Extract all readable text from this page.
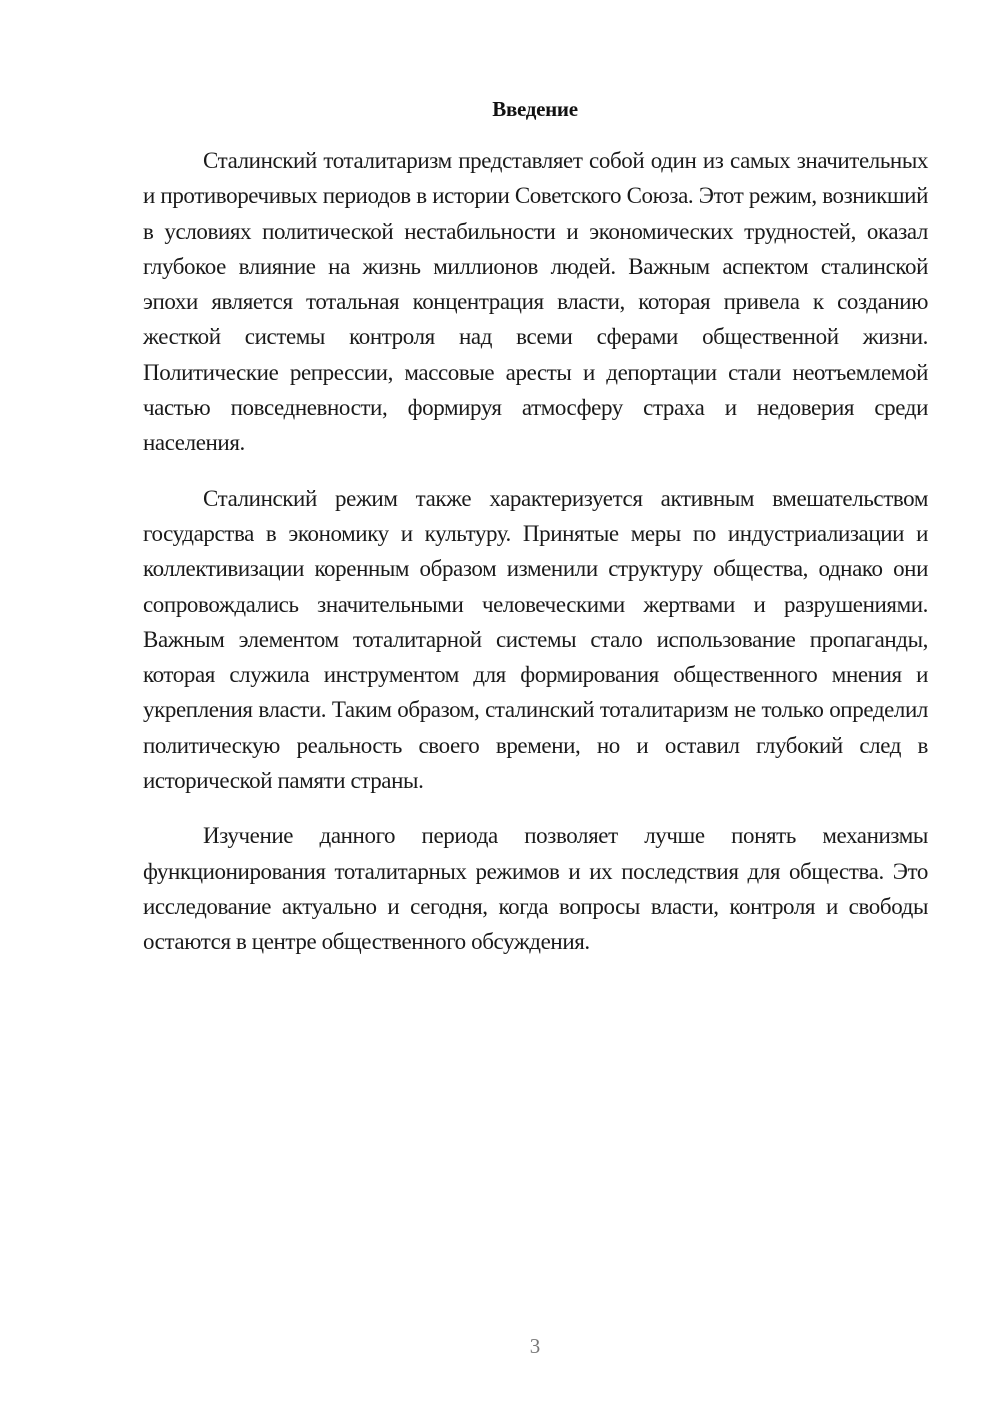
Введение

Сталинский тоталитаризм представляет собой один из самых значительных и противоречивых периодов в истории Советского Союза. Этот режим, возникший в условиях политической нестабильности и экономических трудностей, оказал глубокое влияние на жизнь миллионов людей. Важным аспектом сталинской эпохи является тотальная концентрация власти, которая привела к созданию жесткой системы контроля над всеми сферами общественной жизни. Политические репрессии, массовые аресты и депортации стали неотъемлемой частью повседневности, формируя атмосферу страха и недоверия среди населения.

Сталинский режим также характеризуется активным вмешательством государства в экономику и культуру. Принятые меры по индустриализации и коллективизации коренным образом изменили структуру общества, однако они сопровождались значительными человеческими жертвами и разрушениями. Важным элементом тоталитарной системы стало использование пропаганды, которая служила инструментом для формирования общественного мнения и укрепления власти. Таким образом, сталинский тоталитаризм не только определил политическую реальность своего времени, но и оставил глубокий след в исторической памяти страны.

Изучение данного периода позволяет лучше понять механизмы функционирования тоталитарных режимов и их последствия для общества. Это исследование актуально и сегодня, когда вопросы власти, контроля и свободы остаются в центре общественного обсуждения.

3
